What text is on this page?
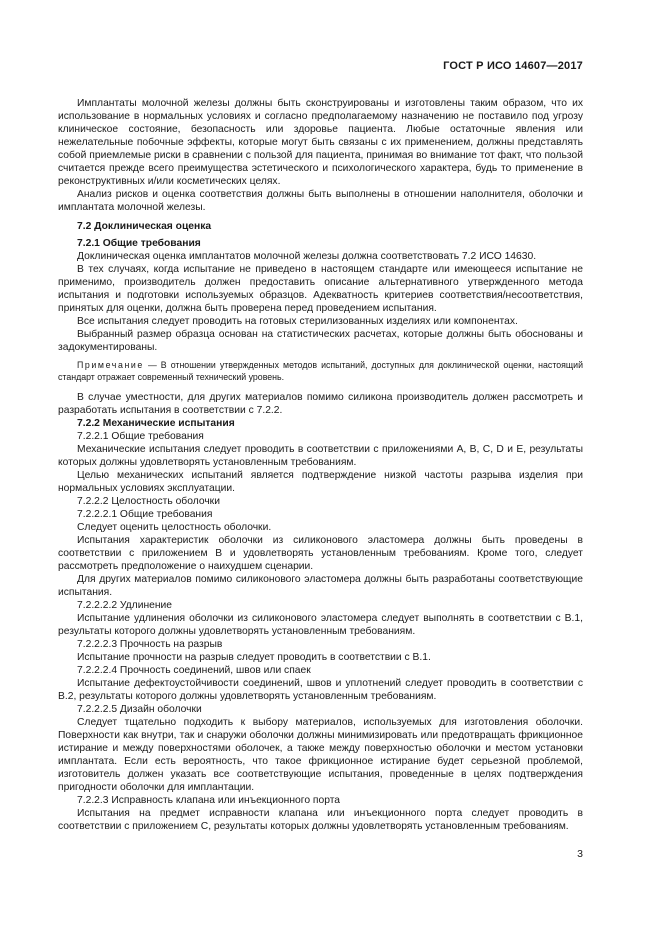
ГОСТ Р ИСО 14607—2017

Имплантаты молочной железы должны быть сконструированы и изготовлены таким образом, что их использование в нормальных условиях и согласно предполагаемому назначению не поставило под угрозу клиническое состояние, безопасность или здоровье пациента. Любые остаточные явления или нежелательные побочные эффекты, которые могут быть связаны с их применением, должны представлять собой приемлемые риски в сравнении с пользой для пациента, принимая во внимание тот факт, что пользой считается прежде всего преимущества эстетического и психологического характера, будь то применение в реконструктивных и/или косметических целях.

Анализ рисков и оценка соответствия должны быть выполнены в отношении наполнителя, оболочки и имплантата молочной железы.

7.2 Доклиническая оценка

7.2.1 Общие требования

Доклиническая оценка имплантатов молочной железы должна соответствовать 7.2 ИСО 14630.

В тех случаях, когда испытание не приведено в настоящем стандарте или имеющееся испытание не применимо, производитель должен предоставить описание альтернативного утвержденного метода испытания и подготовки используемых образцов. Адекватность критериев соответствия/несоответствия, принятых для оценки, должна быть проверена перед проведением испытания.

Все испытания следует проводить на готовых стерилизованных изделиях или компонентах.

Выбранный размер образца основан на статистических расчетах, которые должны быть обоснованы и задокументированы.

Примечание — В отношении утвержденных методов испытаний, доступных для доклинической оценки, настоящий стандарт отражает современный технический уровень.

В случае уместности, для других материалов помимо силикона производитель должен рассмотреть и разработать испытания в соответствии с 7.2.2.

7.2.2 Механические испытания

7.2.2.1 Общие требования

Механические испытания следует проводить в соответствии с приложениями А, В, С, D и Е, результаты которых должны удовлетворять установленным требованиям.

Целью механических испытаний является подтверждение низкой частоты разрыва изделия при нормальных условиях эксплуатации.

7.2.2.2 Целостность оболочки

7.2.2.2.1 Общие требования

Следует оценить целостность оболочки.

Испытания характеристик оболочки из силиконового эластомера должны быть проведены в соответствии с приложением В и удовлетворять установленным требованиям. Кроме того, следует рассмотреть предположение о наихудшем сценарии.

Для других материалов помимо силиконового эластомера должны быть разработаны соответствующие испытания.

7.2.2.2.2 Удлинение

Испытание удлинения оболочки из силиконового эластомера следует выполнять в соответствии с В.1, результаты которого должны удовлетворять установленным требованиям.

7.2.2.2.3 Прочность на разрыв

Испытание прочности на разрыв следует проводить в соответствии с В.1.

7.2.2.2.4 Прочность соединений, швов или спаек

Испытание дефектоустойчивости соединений, швов и уплотнений следует проводить в соответствии с В.2, результаты которого должны удовлетворять установленным требованиям.

7.2.2.2.5 Дизайн оболочки

Следует тщательно подходить к выбору материалов, используемых для изготовления оболочки. Поверхности как внутри, так и снаружи оболочки должны минимизировать или предотвращать фрикционное истирание и между поверхностями оболочек, а также между поверхностью оболочки и местом установки имплантата. Если есть вероятность, что такое фрикционное истирание будет серьезной проблемой, изготовитель должен указать все соответствующие испытания, проведенные в целях подтверждения пригодности оболочки для имплантации.

7.2.2.3 Исправность клапана или инъекционного порта

Испытания на предмет исправности клапана или инъекционного порта следует проводить в соответствии с приложением С, результаты которых должны удовлетворять установленным требованиям.

3
